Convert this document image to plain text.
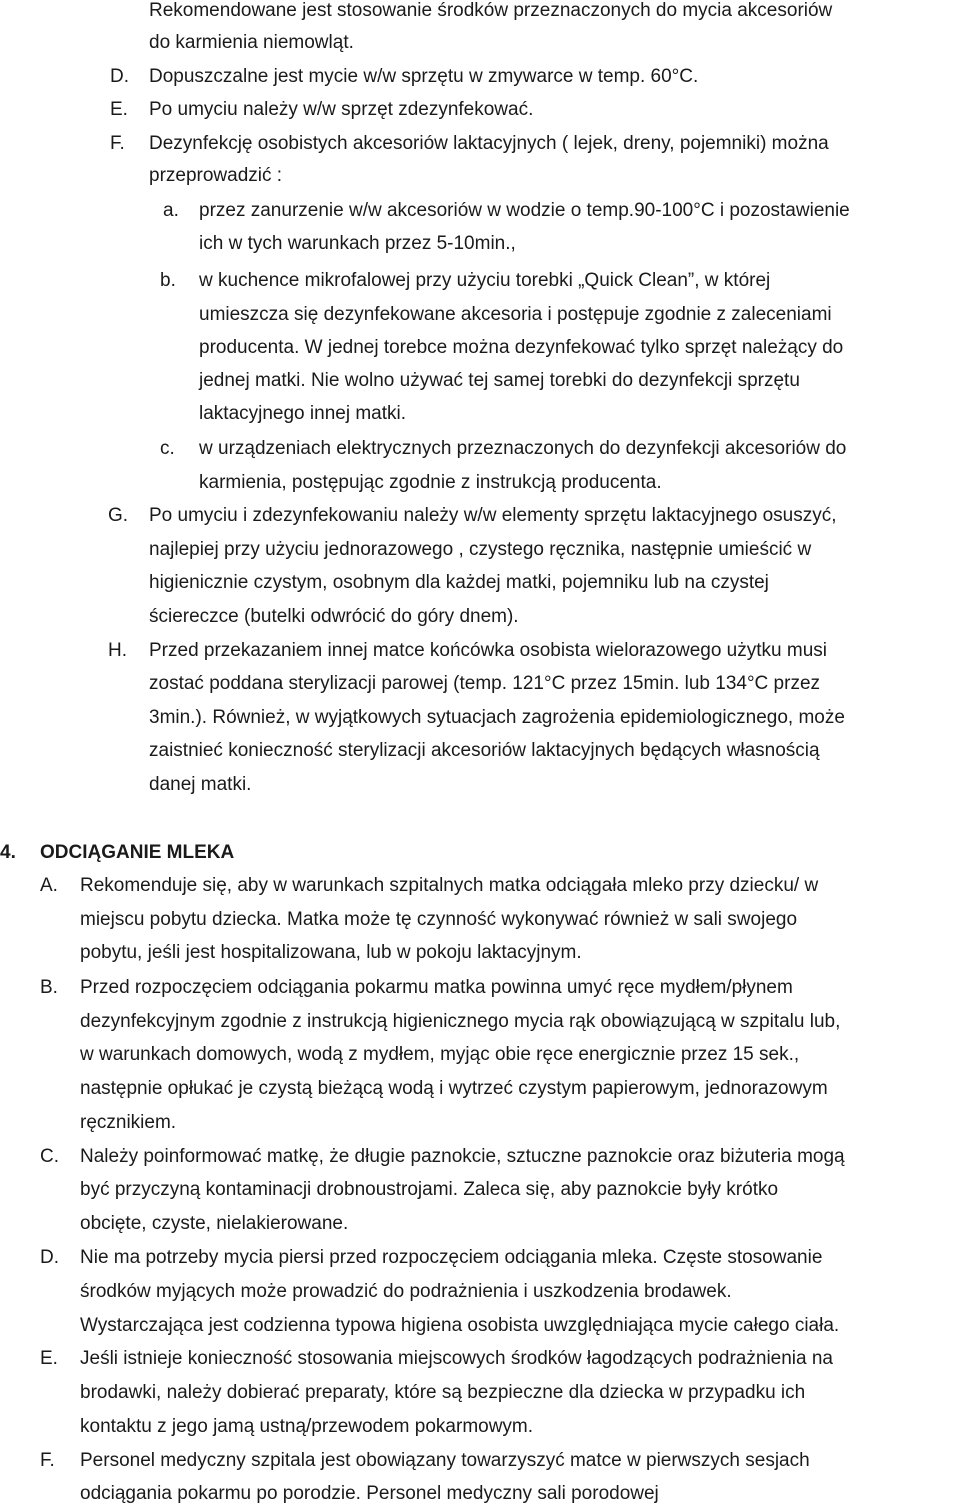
Rekomendowane jest stosowanie środków przeznaczonych do mycia akcesoriów
do karmienia niemowląt.
D. Dopuszczalne jest mycie w/w sprzętu w zmywarce w temp. 60°C.
E. Po umyciu należy w/w sprzęt zdezynfekować.
F. Dezynfekcję osobistych akcesoriów laktacyjnych ( lejek, dreny, pojemniki) można
przeprowadzić :
a. przez zanurzenie w/w akcesoriów w wodzie o temp.90-100°C i pozostawienie
ich w tych warunkach przez 5-10min.,
b. w kuchence mikrofalowej przy użyciu torebki „Quick Clean”, w której
umieszcza się dezynfekowane akcesoria i postępuje zgodnie z zaleceniami
producenta. W jednej torebce można dezynfekować tylko sprzęt należący do
jednej matki. Nie wolno używać tej samej torebki do dezynfekcji sprzętu
laktacyjnego innej matki.
c. w urządzeniach elektrycznych przeznaczonych do dezynfekcji akcesoriów do
karmienia, postępując zgodnie z instrukcją producenta.
G. Po umyciu i zdezynfekowaniu należy w/w elementy sprzętu laktacyjnego osuszyć,
najlepiej przy użyciu jednorazowego , czystego ręcznika, następnie umieścić w
higienicznie czystym, osobnym dla każdej matki, pojemniku lub na czystej
ściereczce (butelki odwrócić do góry dnem).
H. Przed przekazaniem innej matce końcówka osobista wielorazowego użytku musi
zostać poddana sterylizacji parowej (temp. 121°C przez 15min. lub 134°C przez
3min.). Również, w wyjątkowych sytuacjach zagrożenia epidemiologicznego, może
zaistnieć konieczność sterylizacji akcesoriów laktacyjnych będących własnością
danej matki.
4. ODCIĄGANIE MLEKA
A. Rekomenduje się, aby w warunkach szpitalnych matka odciągała mleko przy dziecku/ w
miejscu pobytu dziecka. Matka może tę czynność wykonywać również w sali swojego
pobytu, jeśli jest hospitalizowana, lub w pokoju laktacyjnym.
B. Przed rozpoczęciem odciągania pokarmu matka powinna umyć ręce mydłem/płynem
dezynfekcyjnym zgodnie z instrukcją higienicznego mycia rąk obowiązującą w szpitalu lub,
w warunkach domowych, wodą z mydłem, myjąc obie ręce energicznie przez 15 sek.,
następnie opłukać je czystą bieżącą wodą i wytrzeć czystym papierowym, jednorazowym
ręcznikiem.
C. Należy poinformować matkę, że długie paznokcie, sztuczne paznokcie oraz biżuteria mogą
być przyczyną kontaminacji drobnoustrojami. Zaleca się, aby paznokcie były krótko
obcięte, czyste, nielakierowane.
D. Nie ma potrzeby mycia piersi przed rozpoczęciem odciągania mleka. Częste stosowanie
środków myjących może prowadzić do podrażnienia i uszkodzenia brodawek.
Wystarczająca jest codzienna typowa higiena osobista uwzględniająca mycie całego ciała.
E. Jeśli istnieje konieczność stosowania miejscowych środków łagodzących podrażnienia na
brodawki, należy dobierać preparaty, które są bezpieczne dla dziecka w przypadku ich
kontaktu z jego jamą ustną/przewodem pokarmowym.
F. Personel medyczny szpitala jest obowiązany towarzyszyć matce w pierwszych sesjach
odciągania pokarmu po porodzie. Personel medyczny sali porodowej
